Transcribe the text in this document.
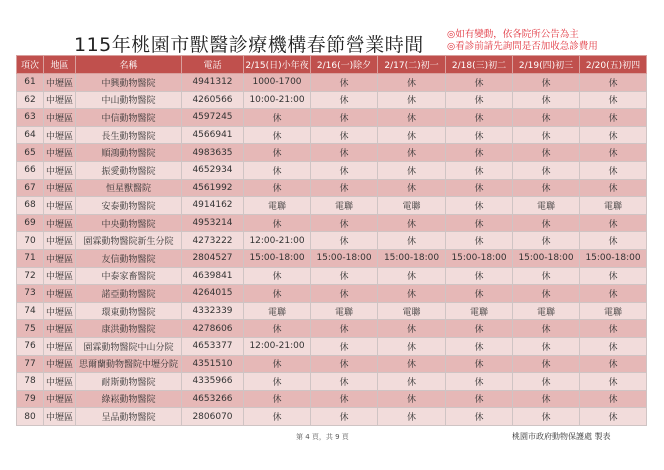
115年桃園市獸醫診療機構春節營業時間 ◎如有變動，依各院所公告為主
◎看診前請先詢問是否加收急診費用
項次	地區	名稱	電話	2/15(日)小年夜	2/16(一)除夕	2/17(二)初一	2/18(三)初二	2/19(四)初三	2/20(五)初四
61	中壢區	中興動物醫院	4941312	1000-1700	休	休	休	休	休
62	中壢區	中山動物醫院	4260566	10:00-21:00	休	休	休	休	休
63	中壢區	中信動物醫院	4597245	休	休	休	休	休	休
64	中壢區	長生動物醫院	4566941	休	休	休	休	休	休
65	中壢區	順鴻動物醫院	4983635	休	休	休	休	休	休
66	中壢區	振愛動物醫院	4652934	休	休	休	休	休	休
67	中壢區	恒星獸醫院	4561992	休	休	休	休	休	休
68	中壢區	安泰動物醫院	4914162	電聯	電聯	電聯	休	電聯	電聯
69	中壢區	中央動物醫院	4953214	休	休	休	休	休	休
70	中壢區	園霖動物醫院新生分院	4273222	12:00-21:00	休	休	休	休	休
71	中壢區	友信動物醫院	2804527	15:00-18:00	15:00-18:00	15:00-18:00	15:00-18:00	15:00-18:00	15:00-18:00
72	中壢區	中泰家畜醫院	4639841	休	休	休	休	休	休
73	中壢區	諾亞動物醫院	4264015	休	休	休	休	休	休
74	中壢區	環東動物醫院	4332339	電聯	電聯	電聯	電聯	電聯	電聯
75	中壢區	康洪動物醫院	4278606	休	休	休	休	休	休
76	中壢區	園霖動物醫院中山分院	4653377	12:00-21:00	休	休	休	休	休
77	中壢區	思爾蘭動物醫院中壢分院	4351510	休	休	休	休	休	休
78	中壢區	耐斯動物醫院	4335966	休	休	休	休	休	休
79	中壢區	綠崧動物醫院	4653266	休	休	休	休	休	休
80	中壢區	呈品動物醫院	2806070	休	休	休	休	休	休
第 4 頁，共 9 頁	桃園市政府動物保護處 製表
